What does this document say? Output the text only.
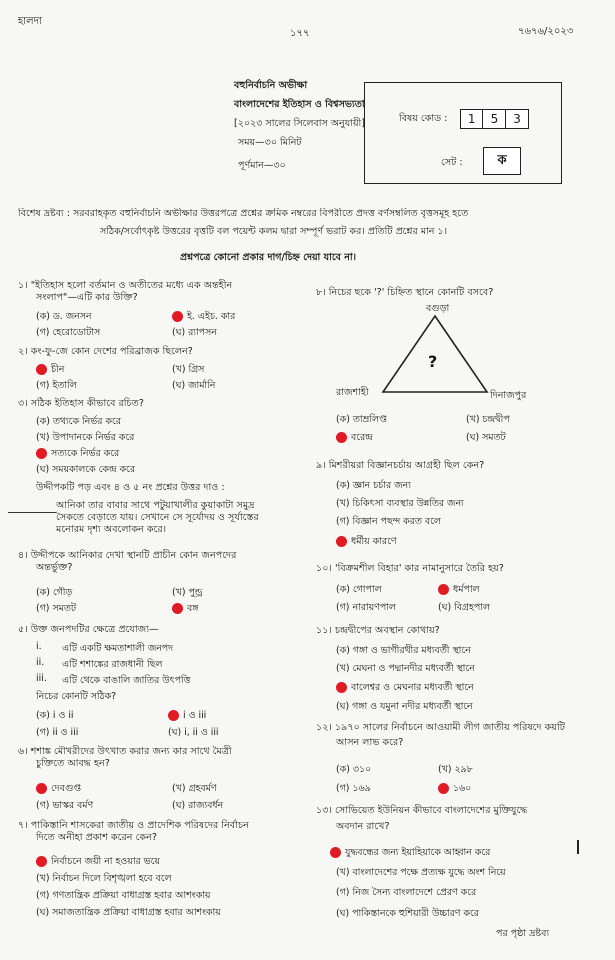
হালদা
১৭৭	৭৬৭৬/২০২৩
বহুনির্বাচনি অভীক্ষা
বাংলাদেশের ইতিহাস ও বিশ্বসভ্যতা
[২০২৩ সালের সিলেবাস অনুযায়ী]
সময়—৩০ মিনিট
পূর্ণমান—৩০
বিষয় কোড :	1	5	3
সেট :	ক
বিশেষ দ্রষ্টব্য : সরবরাহকৃত বহুনির্বাচনি অভীক্ষার উত্তরপত্রে প্রশ্নের ক্রমিক নম্বরের বিপরীতে প্রদত্ত বর্ণসম্বলিত বৃত্তসমূহ হতে
সঠিক/সর্বোৎকৃষ্ট উত্তরের বৃত্তটি বল পয়েন্ট কলম দ্বারা সম্পূর্ণ ভরাট কর। প্রতিটি প্রশ্নের মান ১।
প্রশ্নপত্রে কোনো প্রকার দাগ/চিহ্ন দেয়া যাবে না।
১। "ইতিহাস হলো বর্তমান ও অতীতের মধ্যে এক অন্তহীন
সংলাপ"—এটি কার উক্তি?
(ক) ড. জনসন	ই. এইচ. কার
(গ) হেরোডোটাস	(ঘ) র‍্যাপসন
২। কং-ফু-জে কোন দেশের পরিব্রাজক ছিলেন?
চীন	(খ) গ্রিস
(গ) ইতালি	(ঘ) জার্মানি
৩। সঠিক ইতিহাস কীভাবে রচিত?
(ক) তথ্যকে নির্ভর করে
(খ) উপাদানকে নির্ভর করে
সত্যকে নির্ভর করে
(ঘ) সময়কালকে কেন্দ্র করে
উদ্দীপকটি পড় এবং ৪ ও ৫ নং প্রশ্নের উত্তর দাও :
আনিকা তার বাবার সাথে পটুয়াখালীর কুয়াকাটা সমুদ্র
সৈকতে বেড়াতে যায়। সেখানে সে সূর্যোদয় ও সূর্যাস্তের
মনোরম দৃশ্য অবলোকন করে।
৪। উদ্দীপকে আনিকার দেখা স্থানটি প্রাচীন কোন জনপদের
অন্তর্ভুক্ত?
(ক) গৌড়	(খ) পুন্ড্র
(গ) সমতট	বঙ্গ
৫। উক্ত জনপদটির ক্ষেত্রে প্রযোজ্য—
i. এটি একটি ক্ষমতাশালী জনপদ
ii. এটি শশাঙ্কের রাজধানী ছিল
iii. এটি থেকে বাঙালি জাতির উৎপত্তি
নিচের কোনটি সঠিক?
(ক) i ও ii	i ও iii
(গ) ii ও iii	(ঘ) i, ii ও iii
৬। শশাঙ্ক মৌখরীদের উৎখাত করার জন্য কার সাথে মৈত্রী
চুক্তিতে আবদ্ধ হন?
দেবগুপ্ত	(খ) গ্রহবর্মণ
(গ) ভাস্কর বর্মণ	(ঘ) রাজ্যবর্ধন
৭। পাকিস্তানি শাসকেরা জাতীয় ও প্রাদেশিক পরিষদের নির্বাচন
দিতে অনীহা প্রকাশ করেন কেন?
নির্বাচনে জয়ী না হওয়ার ভয়ে
(খ) নির্বাচন দিলে বিশৃঙ্খলা হবে বলে
(গ) গণতান্ত্রিক প্রক্রিয়া বাধাগ্রস্ত হবার আশংকায়
(ঘ) সমাজতান্ত্রিক প্রক্রিয়া বাধাগ্রস্ত হবার আশংকায়
৮। নিচের ছকে '?' চিহ্নিত স্থানে কোনটি বসবে?
বগুড়া
?
রাজশাহী	দিনাজপুর
(ক) তাম্রলিপ্ত	(খ) চন্দ্রদ্বীপ
বরেন্দ্র	(ঘ) সমতট
৯। মিশরীয়রা বিজ্ঞানচর্চায় আগ্রহী ছিল কেন?
(ক) জ্ঞান চর্চার জন্য
(খ) চিকিৎসা ব্যবস্থার উন্নতির জন্য
(গ) বিজ্ঞান পছন্দ করত বলে
ধর্মীয় কারণে
১০। 'বিক্রমশীল বিহার' কার নামানুসারে তৈরি হয়?
(ক) গোপাল	ধর্মপাল
(গ) নারায়ণপাল	(ঘ) বিগ্রহপাল
১১। চন্দ্রদ্বীপের অবস্থান কোথায়?
(ক) গঙ্গা ও ভাগীরথীর মধ্যবর্তী স্থানে
(খ) মেঘনা ও পদ্মানদীর মধ্যবর্তী স্থানে
বালেশ্বর ও মেঘনার মধ্যবর্তী স্থানে
(ঘ) গঙ্গা ও যমুনা নদীর মধ্যবর্তী স্থানে
১২। ১৯৭০ সালের নির্বাচনে আওয়ামী লীগ জাতীয় পরিষদে কয়টি
আসন লাভ করে?
(ক) ৩১০	(খ) ২৯৮
(গ) ১৬৯	১৬০
১৩। সোভিয়েত ইউনিয়ন কীভাবে বাংলাদেশের মুক্তিযুদ্ধে
অবদান রাখে?
যুদ্ধবন্ধের জন্য ইয়াহিয়াকে আহ্বান করে
(খ) বাংলাদেশের পক্ষে প্রত্যক্ষ যুদ্ধে অংশ নিয়ে
(গ) নিজ সৈন্য বাংলাদেশে প্রেরণ করে
(ঘ) পাকিস্তানকে হুশিয়ারী উচ্চারণ করে
পর পৃষ্ঠা দ্রষ্টব্য
